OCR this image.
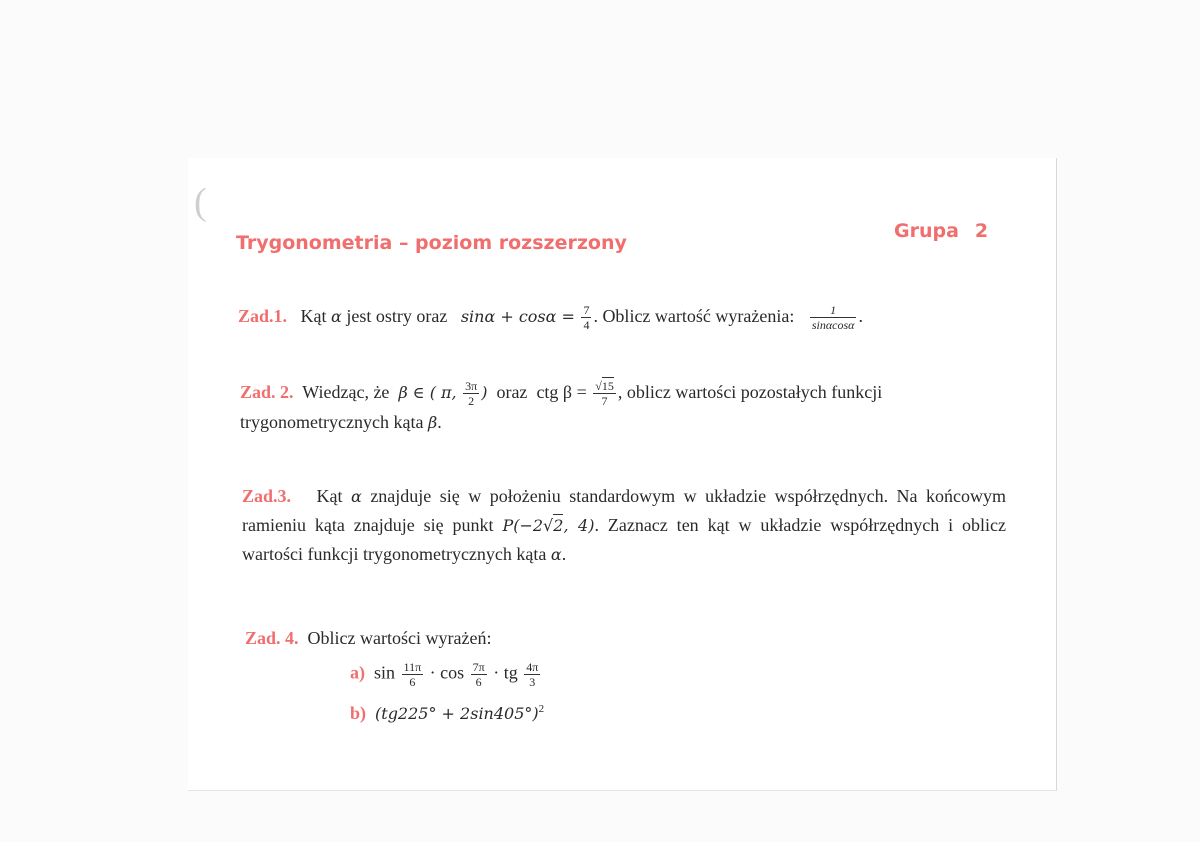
(
Trygonometria – poziom rozszerzony
Grupa 2
Zad.1. Kąt α jest ostry oraz $\sin\alpha + \cos\alpha = \frac{7}{4}$ . Oblicz wartość wyrażenia: $\frac{1}{\sin\alpha\cos\alpha}$ .
Zad. 2. Wiedząc, że β ∈ ( π, $\frac{3\pi}{2}$ ) oraz ctg $\beta = \frac{√15}{7}$ , oblicz wartości pozostałych funkcji
trygonometrycznych kąta β.
Zad.3. Kąt α znajduje się w położeniu standardowym w układzie współrzędnych. Na końcowym ramieniu kąta znajduje się punkt P(−2√2, 4). Zaznacz ten kąt w układzie współrzędnych i oblicz wartości funkcji trygonometrycznych kąta α.
Zad. 4. Oblicz wartości wyrażeń:
a) $\sin \frac{11\pi}{6} \cdot \cos \frac{7\pi}{6}$ · tg $\frac{4\pi}{3}$
b) $(tg225^\circ + 2\sin 405^\circ)^2$
